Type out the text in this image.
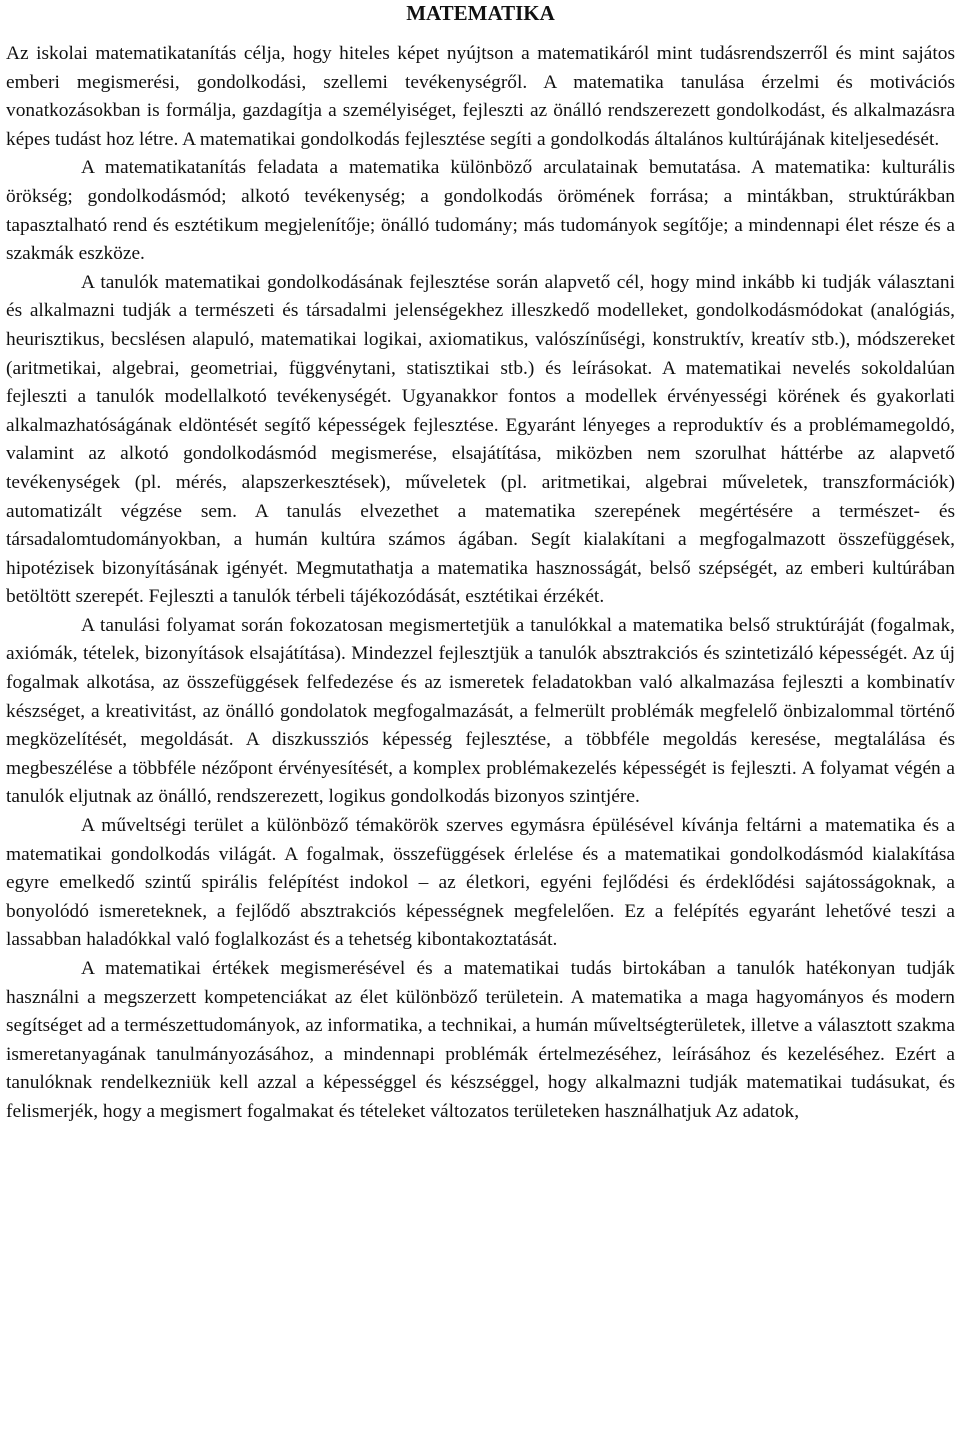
MATEMATIKA

Az iskolai matematikatanítás célja, hogy hiteles képet nyújtson a matematikáról mint tudásrendszerről és mint sajátos emberi megismerési, gondolkodási, szellemi tevékenységről. A matematika tanulása érzelmi és motivációs vonatkozásokban is formálja, gazdagítja a személyiséget, fejleszti az önálló rendszerezett gondolkodást, és alkalmazásra képes tudást hoz létre. A matematikai gondolkodás fejlesztése segíti a gondolkodás általános kultúrájának kiteljesedését.

A matematikatanítás feladata a matematika különböző arculatainak bemutatása. A matematika: kulturális örökség; gondolkodásmód; alkotó tevékenység; a gondolkodás örömének forrása; a mintákban, struktúrákban tapasztalható rend és esztétikum megjelenítője; önálló tudomány; más tudományok segítője; a mindennapi élet része és a szakmák eszköze.

A tanulók matematikai gondolkodásának fejlesztése során alapvető cél, hogy mind inkább ki tudják választani és alkalmazni tudják a természeti és társadalmi jelenségekhez illeszkedő modelleket, gondolkodásmódokat (analógiás, heurisztikus, becslésen alapuló, matematikai logikai, axiomatikus, valószínűségi, konstruktív, kreatív stb.), módszereket (aritmetikai, algebrai, geometriai, függvénytani, statisztikai stb.) és leírásokat. A matematikai nevelés sokoldalúan fejleszti a tanulók modellalkotó tevékenységét. Ugyanakkor fontos a modellek érvényességi körének és gyakorlati alkalmazhatóságának eldöntését segítő képességek fejlesztése. Egyaránt lényeges a reproduktív és a problémamegoldó, valamint az alkotó gondolkodásmód megismerése, elsajátítása, miközben nem szorulhat háttérbe az alapvető tevékenységek (pl. mérés, alapszerkesztések), műveletek (pl. aritmetikai, algebrai műveletek, transzformációk) automatizált végzése sem. A tanulás elvezethet a matematika szerepének megértésére a természet- és társadalomtudományokban, a humán kultúra számos ágában. Segít kialakítani a megfogalmazott összefüggések, hipotézisek bizonyításának igényét. Megmutathatja a matematika hasznosságát, belső szépségét, az emberi kultúrában betöltött szerepét. Fejleszti a tanulók térbeli tájékozódását, esztétikai érzékét.

A tanulási folyamat során fokozatosan megismertetjük a tanulókkal a matematika belső struktúráját (fogalmak, axiómák, tételek, bizonyítások elsajátítása). Mindezzel fejlesztjük a tanulók absztrakciós és szintetizáló képességét. Az új fogalmak alkotása, az összefüggések felfedezése és az ismeretek feladatokban való alkalmazása fejleszti a kombinatív készséget, a kreativitást, az önálló gondolatok megfogalmazását, a felmerült problémák megfelelő önbizalommal történő megközelítését, megoldását. A diszkussziós képesség fejlesztése, a többféle megoldás keresése, megtalálása és megbeszélése a többféle nézőpont érvényesítését, a komplex problémakezelés képességét is fejleszti. A folyamat végén a tanulók eljutnak az önálló, rendszerezett, logikus gondolkodás bizonyos szintjére.

A műveltségi terület a különböző témakörök szerves egymásra épülésével kívánja feltárni a matematika és a matematikai gondolkodás világát. A fogalmak, összefüggések érlelése és a matematikai gondolkodásmód kialakítása egyre emelkedő szintű spirális felépítést indokol – az életkori, egyéni fejlődési és érdeklődési sajátosságoknak, a bonyolódó ismereteknek, a fejlődő absztrakciós képességnek megfelelően. Ez a felépítés egyaránt lehetővé teszi a lassabban haladókkal való foglalkozást és a tehetség kibontakoztatását.

A matematikai értékek megismerésével és a matematikai tudás birtokában a tanulók hatékonyan tudják használni a megszerzett kompetenciákat az élet különböző területein. A matematika a maga hagyományos és modern segítséget ad a természettudományok, az informatika, a technikai, a humán műveltségterületek, illetve a választott szakma ismeretanyagának tanulmányozásához, a mindennapi problémák értelmezéséhez, leírásához és kezeléséhez. Ezért a tanulóknak rendelkezniük kell azzal a képességgel és készséggel, hogy alkalmazni tudják matematikai tudásukat, és felismerjék, hogy a megismert fogalmakat és tételeket változatos területeken használhatjuk Az adatok,
